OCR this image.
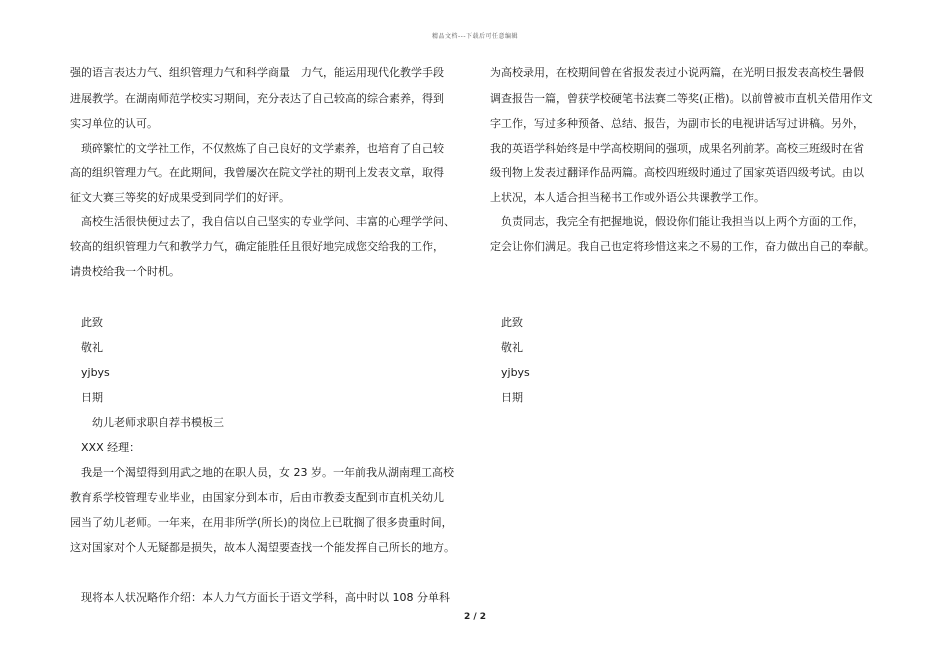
精品文档---下载后可任意编辑
强的语言表达力气、组织管理力气和科学商量　力气，能运用现代化教学手段
进展教学。在湖南师范学校实习期间，充分表达了自己较高的综合素养，得到
实习单位的认可。
　琐碎繁忙的文学社工作，不仅熬炼了自己良好的文学素养，也培育了自己较
高的组织管理力气。在此期间，我曾屡次在院文学社的期刊上发表文章，取得
征文大赛三等奖的好成果受到同学们的好评。
　高校生活很快便过去了，我自信以自己坚实的专业学问、丰富的心理学学问、
较高的组织管理力气和教学力气，确定能胜任且很好地完成您交给我的工作，
请贵校给我一个时机。
　此致
　敬礼
　yjbys
　日期
　　幼儿老师求职自荐书模板三
　XXX 经理：
　我是一个渴望得到用武之地的在职人员，女 23 岁。一年前我从湖南理工高校
教育系学校管理专业毕业，由国家分到本市，后由市教委支配到市直机关幼儿
园当了幼儿老师。一年来，在用非所学(所长)的岗位上已耽搁了很多贵重时间，
这对国家对个人无疑都是损失，故本人渴望要查找一个能发挥自己所长的地方。
　现将本人状况略作介绍：本人力气方面长于语文学科，高中时以 108 分单科
为高校录用，在校期间曾在省报发表过小说两篇，在光明日报发表高校生暑假
调查报告一篇，曾获学校硬笔书法赛二等奖(正楷)。以前曾被市直机关借用作文
字工作，写过多种预备、总结、报告，为副市长的电视讲话写过讲稿。另外，
我的英语学科始终是中学高校期间的强项，成果名列前茅。高校三班级时在省
级刊物上发表过翻译作品两篇。高校四班级时通过了国家英语四级考试。由以
上状况，本人适合担当秘书工作或外语公共课教学工作。
　负责同志，我完全有把握地说，假设你们能让我担当以上两个方面的工作，
定会让你们满足。我自己也定将珍惜这来之不易的工作，奋力做出自己的奉献。
　此致
　敬礼
　yjbys
　日期
2 / 2
